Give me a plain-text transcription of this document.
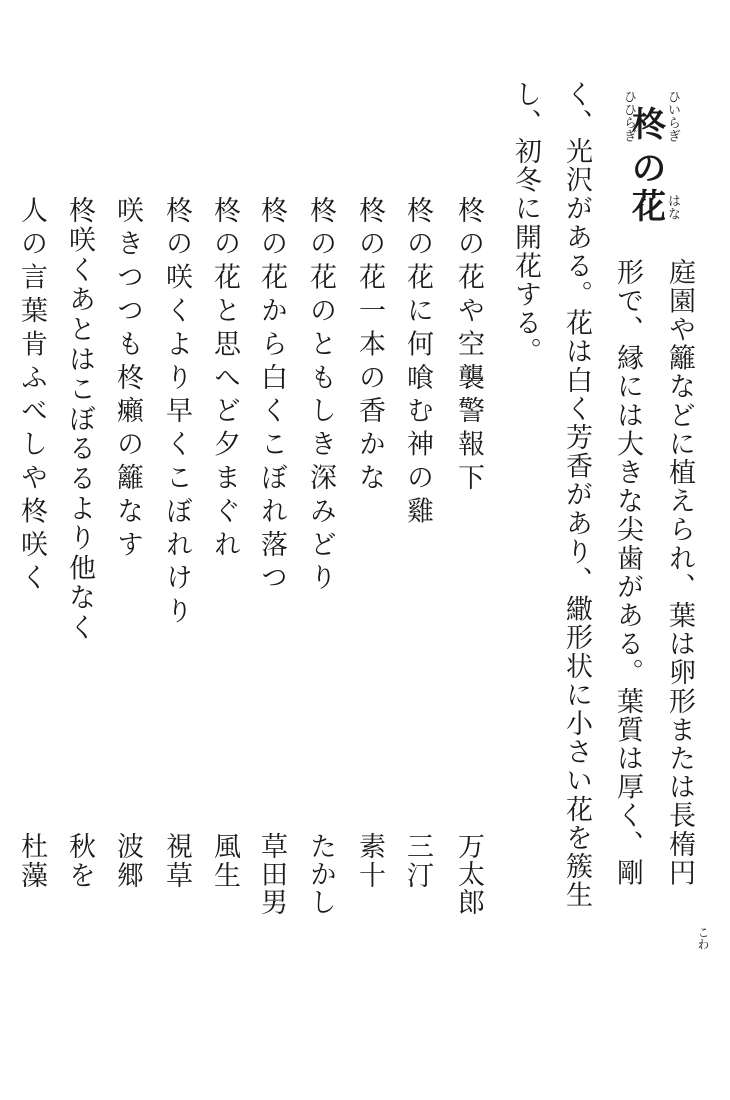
柊
の
花
ひいらぎ
ひひらぎ
はな
庭園や籬などに植えられ、葉は卵形または長楕円
形で、縁には大きな尖歯がある。葉質は厚く、剛
こわ
く、光沢がある。花は白く芳香があり、繖形状に小さい花を簇生
し、初冬に開花する。
柊の花や空襲警報下
万太郎
柊の花に何喰む神の雞
三汀
柊の花一本の香かな
素十
柊の花のともしき深みどり
たかし
柊の花から白くこぼれ落つ
草田男
柊の花と思へど夕まぐれ
風生
柊の咲くより早くこぼれけり
視草
咲きつつも柊癩の籬なす
波郷
柊咲くあとはこぼるるより他なく
秋を
人の言葉肯ふべしや柊咲く
杜藻
